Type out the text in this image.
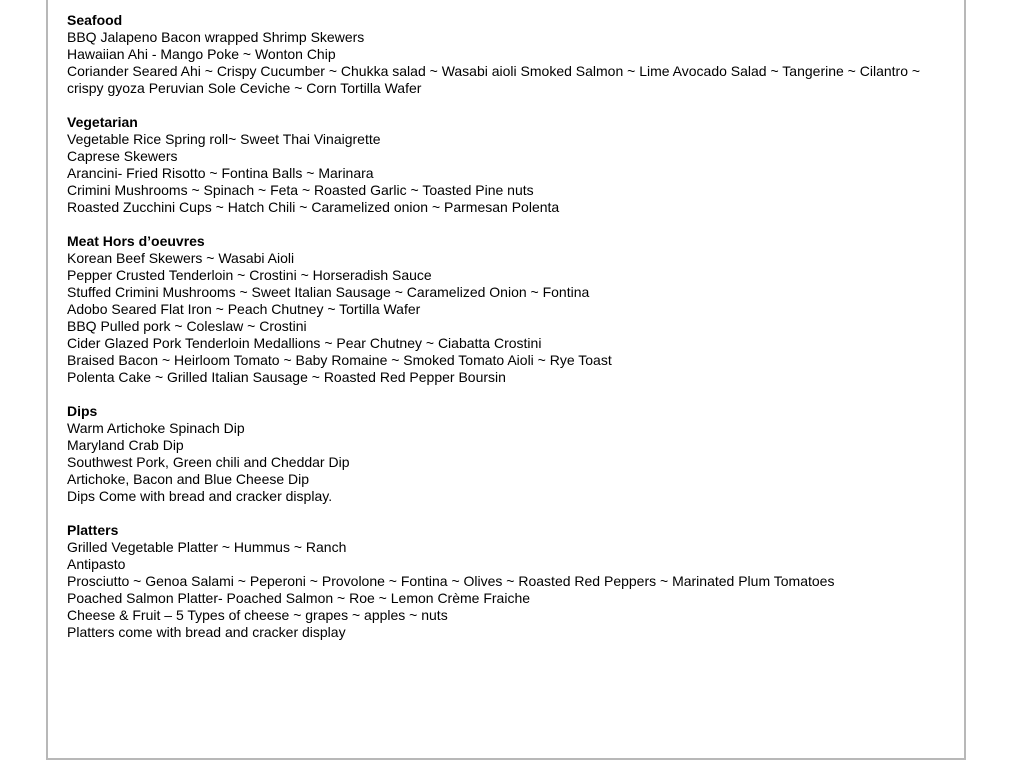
Seafood

BBQ Jalapeno Bacon wrapped Shrimp Skewers

Hawaiian Ahi - Mango Poke ~ Wonton Chip

Coriander Seared Ahi ~ Crispy Cucumber ~ Chukka salad ~ Wasabi aioli Smoked Salmon ~ Lime Avocado Salad ~ Tangerine ~ Cilantro ~ crispy gyoza Peruvian Sole Ceviche ~ Corn Tortilla Wafer

Vegetarian

Vegetable Rice Spring roll~ Sweet Thai Vinaigrette

Caprese Skewers

Arancini- Fried Risotto ~ Fontina Balls ~ Marinara

Crimini Mushrooms ~ Spinach ~ Feta ~ Roasted Garlic ~ Toasted Pine nuts

Roasted Zucchini Cups ~ Hatch Chili ~ Caramelized onion ~ Parmesan Polenta

Meat Hors d’oeuvres

Korean Beef Skewers ~ Wasabi Aioli

Pepper Crusted Tenderloin ~ Crostini ~ Horseradish Sauce

Stuffed Crimini Mushrooms ~ Sweet Italian Sausage ~ Caramelized Onion ~ Fontina

Adobo Seared Flat Iron ~ Peach Chutney ~ Tortilla Wafer

BBQ Pulled pork ~ Coleslaw ~ Crostini

Cider Glazed Pork Tenderloin Medallions ~ Pear Chutney ~ Ciabatta Crostini

Braised Bacon ~ Heirloom Tomato ~ Baby Romaine ~ Smoked Tomato Aioli ~ Rye Toast

Polenta Cake ~ Grilled Italian Sausage ~ Roasted Red Pepper Boursin

Dips

Warm Artichoke Spinach Dip

Maryland Crab Dip

Southwest Pork, Green chili and Cheddar Dip

Artichoke, Bacon and Blue Cheese Dip

Dips Come with bread and cracker display.

Platters

Grilled Vegetable Platter ~ Hummus ~ Ranch

Antipasto

Prosciutto ~ Genoa Salami ~ Peperoni ~ Provolone ~ Fontina ~ Olives ~ Roasted Red Peppers ~ Marinated Plum Tomatoes

Poached Salmon Platter- Poached Salmon ~ Roe ~ Lemon Crème Fraiche

Cheese & Fruit – 5 Types of cheese ~ grapes ~ apples ~ nuts

Platters come with bread and cracker display
